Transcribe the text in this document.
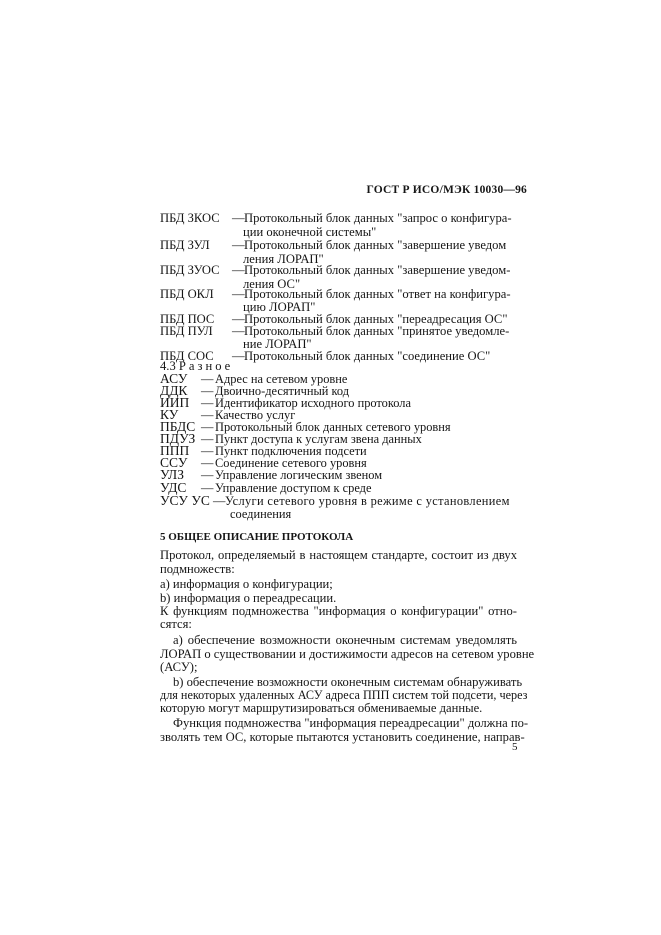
ГОСТ Р ИСО/МЭК 10030—96
ПБД ЗКОС —Протокольный блок данных "запрос о конфигура-
ции оконечной системы"
ПБД ЗУЛ —Протокольный блок данных "завершение уведом
ления ЛОРАП"
ПБД ЗУОС —Протокольный блок данных "завершение уведом-
ления ОС"
ПБД ОКЛ —Протокольный блок данных "ответ на конфигура-
цию ЛОРАП"
ПБД ПОС —Протокольный блок данных "переадресация ОС"
ПБД ПУЛ —Протокольный блок данных "принятое уведомле-
ние ЛОРАП"
ПБД СОС —Протокольный блок данных "соединение ОС"
4.3 Разное
АСУ — Адрес на сетевом уровне
ДДК — Двоично-десятичный код
ИИП — Идентификатор исходного протокола
КУ — Качество услуг
ПБДС — Протокольный блок данных сетевого уровня
ПДУЗ — Пункт доступа к услугам звена данных
ППП — Пункт подключения подсети
ССУ — Соединение сетевого уровня
УЛЗ — Управление логическим звеном
УДС — Управление доступом к среде
УСУ УС —Услуги сетевого уровня в режиме с установлением
соединения
5 ОБЩЕЕ ОПИСАНИЕ ПРОТОКОЛА
Протокол, определяемый в настоящем стандарте, состоит из двух
подмножеств:
а) информация о конфигурации;
b) информация о переадресации.
К функциям подмножества "информация о конфигурации" отно-
сятся:
а) обеспечение возможности оконечным системам уведомлять
ЛОРАП о существовании и достижимости адресов на сетевом уровне
(АСУ);
b) обеспечение возможности оконечным системам обнаруживать
для некоторых удаленных АСУ адреса ППП систем той подсети, через
которую могут маршрутизироваться обмениваемые данные.
Функция подмножества "информация переадресации" должна по-
зволять тем ОС, которые пытаются установить соединение, направ-
5
